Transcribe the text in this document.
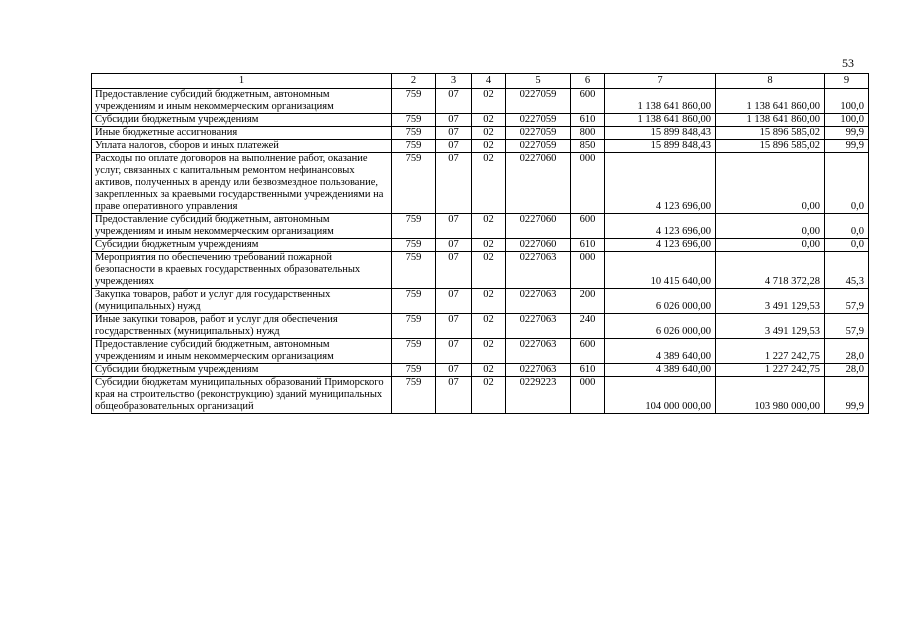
53
1	2	3	4	5	6	7	8	9
Предоставление субсидий бюджетным, автономным учреждениям и иным некоммерческим организациям	759	07	02	0227059	600	1 138 641 860,00	1 138 641 860,00	100,0
Субсидии бюджетным учреждениям	759	07	02	0227059	610	1 138 641 860,00	1 138 641 860,00	100,0
Иные бюджетные ассигнования	759	07	02	0227059	800	15 899 848,43	15 896 585,02	99,9
Уплата налогов, сборов и иных платежей	759	07	02	0227059	850	15 899 848,43	15 896 585,02	99,9
Расходы по оплате договоров на выполнение работ, оказание услуг, связанных с капитальным ремонтом нефинансовых активов, полученных в аренду или безвозмездное пользование, закрепленных за краевыми государственными учреждениями на праве оперативного управления	759	07	02	0227060	000	4 123 696,00	0,00	0,0
Предоставление субсидий бюджетным, автономным учреждениям и иным некоммерческим организациям	759	07	02	0227060	600	4 123 696,00	0,00	0,0
Субсидии бюджетным учреждениям	759	07	02	0227060	610	4 123 696,00	0,00	0,0
Мероприятия по обеспечению требований пожарной безопасности в краевых государственных образовательных учреждениях	759	07	02	0227063	000	10 415 640,00	4 718 372,28	45,3
Закупка товаров, работ и услуг для государственных (муниципальных) нужд	759	07	02	0227063	200	6 026 000,00	3 491 129,53	57,9
Иные закупки товаров, работ и услуг для обеспечения государственных (муниципальных) нужд	759	07	02	0227063	240	6 026 000,00	3 491 129,53	57,9
Предоставление субсидий бюджетным, автономным учреждениям и иным некоммерческим организациям	759	07	02	0227063	600	4 389 640,00	1 227 242,75	28,0
Субсидии бюджетным учреждениям	759	07	02	0227063	610	4 389 640,00	1 227 242,75	28,0
Субсидии бюджетам муниципальных образований Приморского края на строительство (реконструкцию) зданий муниципальных общеобразовательных организаций	759	07	02	0229223	000	104 000 000,00	103 980 000,00	99,9
